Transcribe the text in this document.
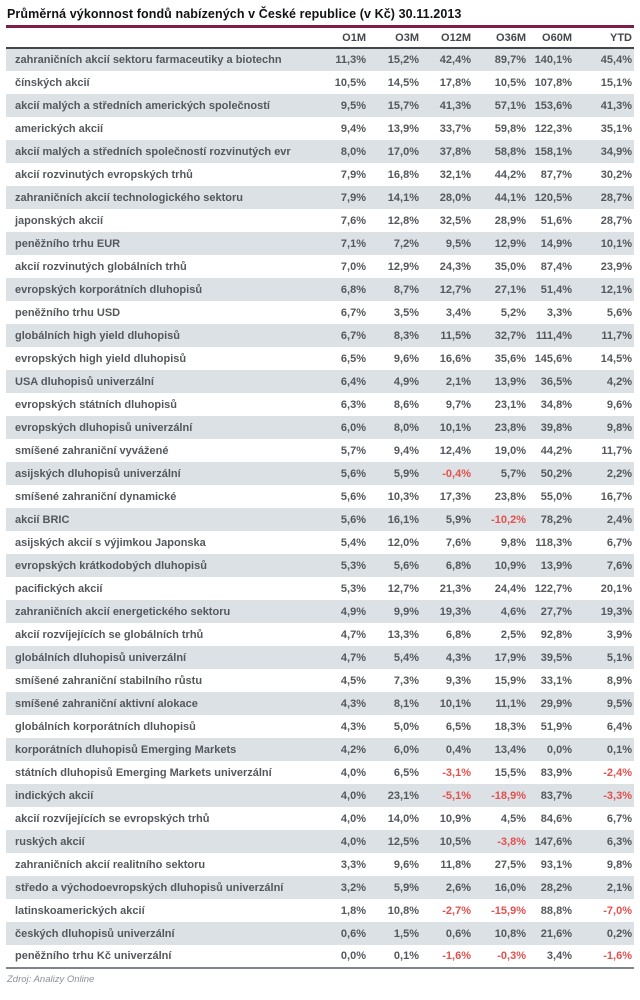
Průměrná výkonnost fondů nabízených v České republice (v Kč) 30.11.2013
	O1M	O3M	O12M	O36M	O60M	YTD
zahraničních akcií sektoru farmaceutiky a biotechn	11,3%	15,2%	42,4%	89,7%	140,1%	45,4%
čínských akcií	10,5%	14,5%	17,8%	10,5%	107,8%	15,1%
akcií malých a středních amerických společností	9,5%	15,7%	41,3%	57,1%	153,6%	41,3%
amerických akcií	9,4%	13,9%	33,7%	59,8%	122,3%	35,1%
akcií malých a středních společností rozvinutých evr	8,0%	17,0%	37,8%	58,8%	158,1%	34,9%
akcií rozvinutých evropských trhů	7,9%	16,8%	32,1%	44,2%	87,7%	30,2%
zahraničních akcií technologického sektoru	7,9%	14,1%	28,0%	44,1%	120,5%	28,7%
japonských akcií	7,6%	12,8%	32,5%	28,9%	51,6%	28,7%
peněžního trhu EUR	7,1%	7,2%	9,5%	12,9%	14,9%	10,1%
akcií rozvinutých globálních trhů	7,0%	12,9%	24,3%	35,0%	87,4%	23,9%
evropských korporátních dluhopisů	6,8%	8,7%	12,7%	27,1%	51,4%	12,1%
peněžního trhu USD	6,7%	3,5%	3,4%	5,2%	3,3%	5,6%
globálních high yield dluhopisů	6,7%	8,3%	11,5%	32,7%	111,4%	11,7%
evropských high yield dluhopisů	6,5%	9,6%	16,6%	35,6%	145,6%	14,5%
USA dluhopisů univerzální	6,4%	4,9%	2,1%	13,9%	36,5%	4,2%
evropských státních dluhopisů	6,3%	8,6%	9,7%	23,1%	34,8%	9,6%
evropských dluhopisů univerzální	6,0%	8,0%	10,1%	23,8%	39,8%	9,8%
smíšené zahraniční vyvážené	5,7%	9,4%	12,4%	19,0%	44,2%	11,7%
asijských dluhopisů univerzální	5,6%	5,9%	-0,4%	5,7%	50,2%	2,2%
smíšené zahraniční dynamické	5,6%	10,3%	17,3%	23,8%	55,0%	16,7%
akcií BRIC	5,6%	16,1%	5,9%	-10,2%	78,2%	2,4%
asijských akcií s výjimkou Japonska	5,4%	12,0%	7,6%	9,8%	118,3%	6,7%
evropských krátkodobých dluhopisů	5,3%	5,6%	6,8%	10,9%	13,9%	7,6%
pacifických akcií	5,3%	12,7%	21,3%	24,4%	122,7%	20,1%
zahraničních akcií energetického sektoru	4,9%	9,9%	19,3%	4,6%	27,7%	19,3%
akcií rozvíjejících se globálních trhů	4,7%	13,3%	6,8%	2,5%	92,8%	3,9%
globálních dluhopisů univerzální	4,7%	5,4%	4,3%	17,9%	39,5%	5,1%
smíšené zahraniční stabilního růstu	4,5%	7,3%	9,3%	15,9%	33,1%	8,9%
smíšené zahraniční aktivní alokace	4,3%	8,1%	10,1%	11,1%	29,9%	9,5%
globálních korporátních dluhopisů	4,3%	5,0%	6,5%	18,3%	51,9%	6,4%
korporátních dluhopisů Emerging Markets	4,2%	6,0%	0,4%	13,4%	0,0%	0,1%
státních dluhopisů Emerging Markets univerzální	4,0%	6,5%	-3,1%	15,5%	83,9%	-2,4%
indických akcií	4,0%	23,1%	-5,1%	-18,9%	83,7%	-3,3%
akcií rozvíjejících se evropských trhů	4,0%	14,0%	10,9%	4,5%	84,6%	6,7%
ruských akcií	4,0%	12,5%	10,5%	-3,8%	147,6%	6,3%
zahraničních akcií realitního sektoru	3,3%	9,6%	11,8%	27,5%	93,1%	9,8%
středo a východoevropských dluhopisů univerzální	3,2%	5,9%	2,6%	16,0%	28,2%	2,1%
latinskoamerických akcií	1,8%	10,8%	-2,7%	-15,9%	88,8%	-7,0%
českých dluhopisů univerzální	0,6%	1,5%	0,6%	10,8%	21,6%	0,2%
peněžního trhu Kč univerzální	0,0%	0,1%	-1,6%	-0,3%	3,4%	-1,6%
Zdroj: Analizy Online
